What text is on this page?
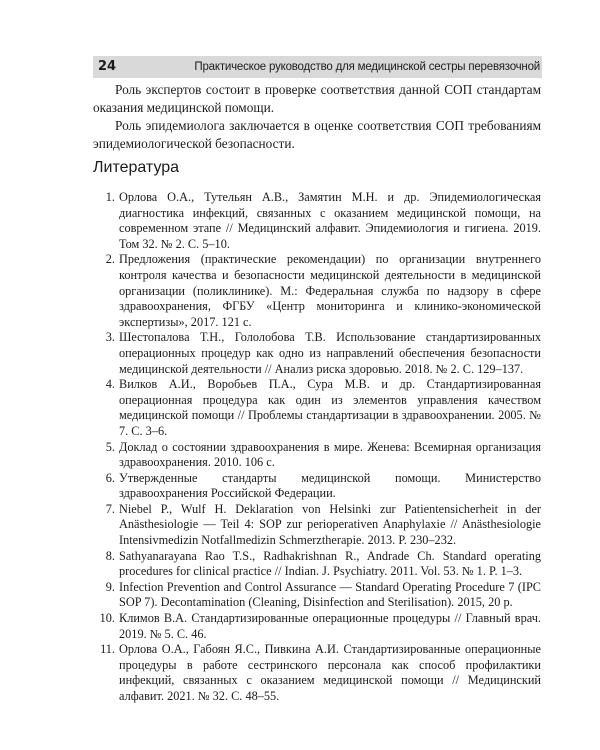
24	Практическое руководство для медицинской сестры перевязочной

Роль экспертов состоит в проверке соответствия данной СОП стандартам оказания медицинской помощи.

Роль эпидемиолога заключается в оценке соответствия СОП требованиям эпидемиологической безопасности.

Литература
1. Орлова О.А., Тутельян А.В., Замятин М.Н. и др. Эпидемиологическая диагностика инфекций, связанных с оказанием медицинской помощи, на современном этапе // Медицинский алфавит. Эпидемиология и гигиена. 2019. Том 32. № 2. С. 5–10.
2. Предложения (практические рекомендации) по организации внутреннего контроля качества и безопасности медицинской деятельности в медицинской организации (поликлинике). М.: Федеральная служба по надзору в сфере здравоохранения, ФГБУ «Центр мониторинга и клинико-экономической экспертизы», 2017. 121 с.
3. Шестопалова Т.Н., Гололобова Т.В. Использование стандартизированных операционных процедур как одно из направлений обеспечения безопасности медицинской деятельности // Анализ риска здоровью. 2018. № 2. С. 129–137.
4. Вилков А.И., Воробьев П.А., Сура М.В. и др. Стандартизированная операционная процедура как один из элементов управления качеством медицинской помощи // Проблемы стандартизации в здравоохранении. 2005. № 7. С. 3–6.
5. Доклад о состоянии здравоохранения в мире. Женева: Всемирная организация здравоохранения. 2010. 106 с.
6. Утвержденные стандарты медицинской помощи. Министерство здравоохранения Российской Федерации.
7. Niebel P., Wulf H. Deklaration von Helsinki zur Patientensicherheit in der Anästhesiologie — Teil 4: SOP zur perioperativen Anaphylaxie // Anästhesiologie Intensivmedizin Notfallmedizin Schmerztherapie. 2013. P. 230–232.
8. Sathyanarayana Rao T.S., Radhakrishnan R., Andrade Ch. Standard operating procedures for clinical practice // Indian. J. Psychiatry. 2011. Vol. 53. № 1. P. 1–3.
9. Infection Prevention and Control Assurance — Standard Operating Procedure 7 (IPC SOP 7). Decontamination (Cleaning, Disinfection and Sterilisation). 2015, 20 p.
10. Климов В.А. Стандартизированные операционные процедуры // Главный врач. 2019. № 5. С. 46.
11. Орлова О.А., Габоян Я.С., Пивкина А.И. Стандартизированные операционные процедуры в работе сестринского персонала как способ профилактики инфекций, связанных с оказанием медицинской помощи // Медицинский алфавит. 2021. № 32. С. 48–55.
